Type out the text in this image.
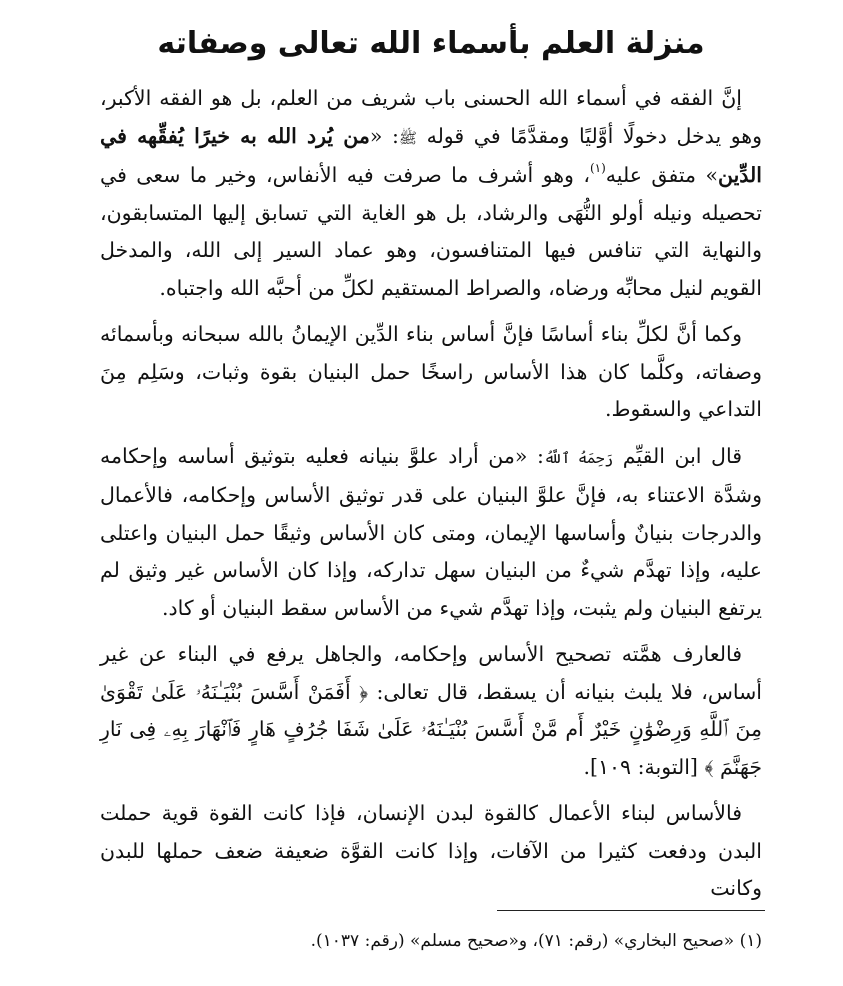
منزلة العلم بأسماء الله تعالى وصفاته

إنَّ الفقه في أسماء الله الحسنى باب شريف من العلم، بل هو الفقه الأكبر، وهو يدخل دخولًا أوَّليًا ومقدَّمًا في قوله ﷺ: «من يُرد الله به خيرًا يُفقِّهه في الدِّين» متفق عليه$^{(١)}$، وهو أشرف ما صرفت فيه الأنفاس، وخير ما سعى في تحصيله ونيله أولو النُّهَى والرشاد، بل هو الغاية التي تسابق إليها المتسابقون، والنهاية التي تنافس فيها المتنافسون، وهو عماد السير إلى الله، والمدخل القويم لنيل محابِّه ورضاه، والصراط المستقيم لكلِّ من أحبَّه الله واجتباه.

وكما أنَّ لكلِّ بناء أساسًا فإنَّ أساس بناء الدِّين الإيمانُ بالله سبحانه وبأسمائه وصفاته، وكلَّما كان هذا الأساس راسخًا حمل البنيان بقوة وثبات، وسَلِم مِنَ التداعي والسقوط.

قال ابن القيِّم رَحِمَهُ ٱللَّهُ: «من أراد علوَّ بنيانه فعليه بتوثيق أساسه وإحكامه وشدَّة الاعتناء به، فإنَّ علوَّ البنيان على قدر توثيق الأساس وإحكامه، فالأعمال والدرجات بنيانٌ وأساسها الإيمان، ومتى كان الأساس وثيقًا حمل البنيان واعتلى عليه، وإذا تهدَّم شيءٌ من البنيان سهل تداركه، وإذا كان الأساس غير وثيق لم يرتفع البنيان ولم يثبت، وإذا تهدَّم شيء من الأساس سقط البنيان أو كاد.

فالعارف همَّته تصحيح الأساس وإحكامه، والجاهل يرفع في البناء عن غير أساس، فلا يلبث بنيانه أن يسقط، قال تعالى: ﴿ أَفَمَنْ أَسَّسَ بُنْيَـٰنَهُۥ عَلَىٰ تَقْوَىٰ مِنَ ٱللَّهِ وَرِضْوَٰنٍ خَيْرٌ أَم مَّنْ أَسَّسَ بُنْيَـٰنَهُۥ عَلَىٰ شَفَا جُرُفٍ هَارٍ فَٱنْهَارَ بِهِۦ فِى نَارِ جَهَنَّمَ ﴾ [التوبة: ١٠٩].

فالأساس لبناء الأعمال كالقوة لبدن الإنسان، فإذا كانت القوة قوية حملت البدن ودفعت كثيرا من الآفات، وإذا كانت القوَّة ضعيفة ضعف حملها للبدن وكانت

(١) «صحيح البخاري» (رقم: ٧١)، و«صحيح مسلم» (رقم: ١٠٣٧).
